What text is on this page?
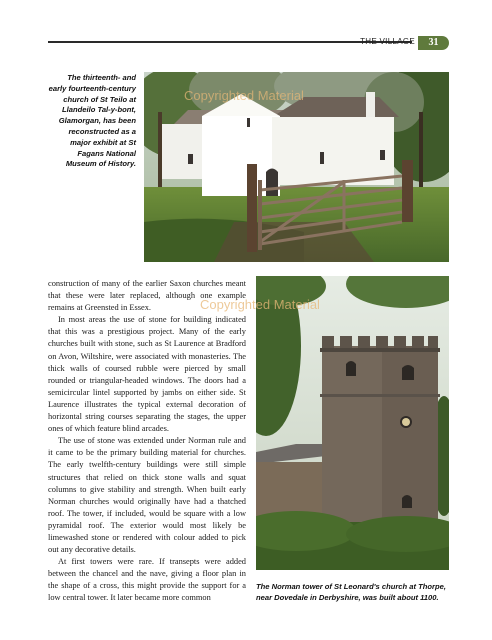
THE VILLAGE	31
The thirteenth- and early fourteenth-century church of St Teilo at Llandeilo Tal-y-bont, Glamorgan, has been reconstructed as a major exhibit at St Fagans National Museum of History.
Copyrighted Material

construction of many of the earlier Saxon churches meant that these were later replaced, although one example remains at Greensted in Essex.

In most areas the use of stone for building indicated that this was a prestigious project. Many of the early churches built with stone, such as St Laurence at Bradford on Avon, Wiltshire, were associated with monasteries. The thick walls of coursed rubble were pierced by small rounded or triangular-headed windows. The doors had a semicircular lintel supported by jambs on either side. St Laurence illustrates the typical external decoration of horizontal string courses separating the stages, the upper ones of which feature blind arcades.

The use of stone was extended under Norman rule and it came to be the primary building material for churches. The early twelfth-century buildings were still simple structures that relied on thick stone walls and squat columns to give stability and strength. When built early Norman churches would originally have had a thatched roof. The tower, if included, would be square with a low pyramidal roof. The exterior would most likely be limewashed stone or rendered with colour added to pick out any decorative details.

At first towers were rare. If transepts were added between the chancel and the nave, giving a floor plan in the shape of a cross, this might provide the support for a low central tower. It later became more common

Copyrighted Material
The Norman tower of St Leonard's church at Thorpe, near Dovedale in Derbyshire, was built about 1100.
